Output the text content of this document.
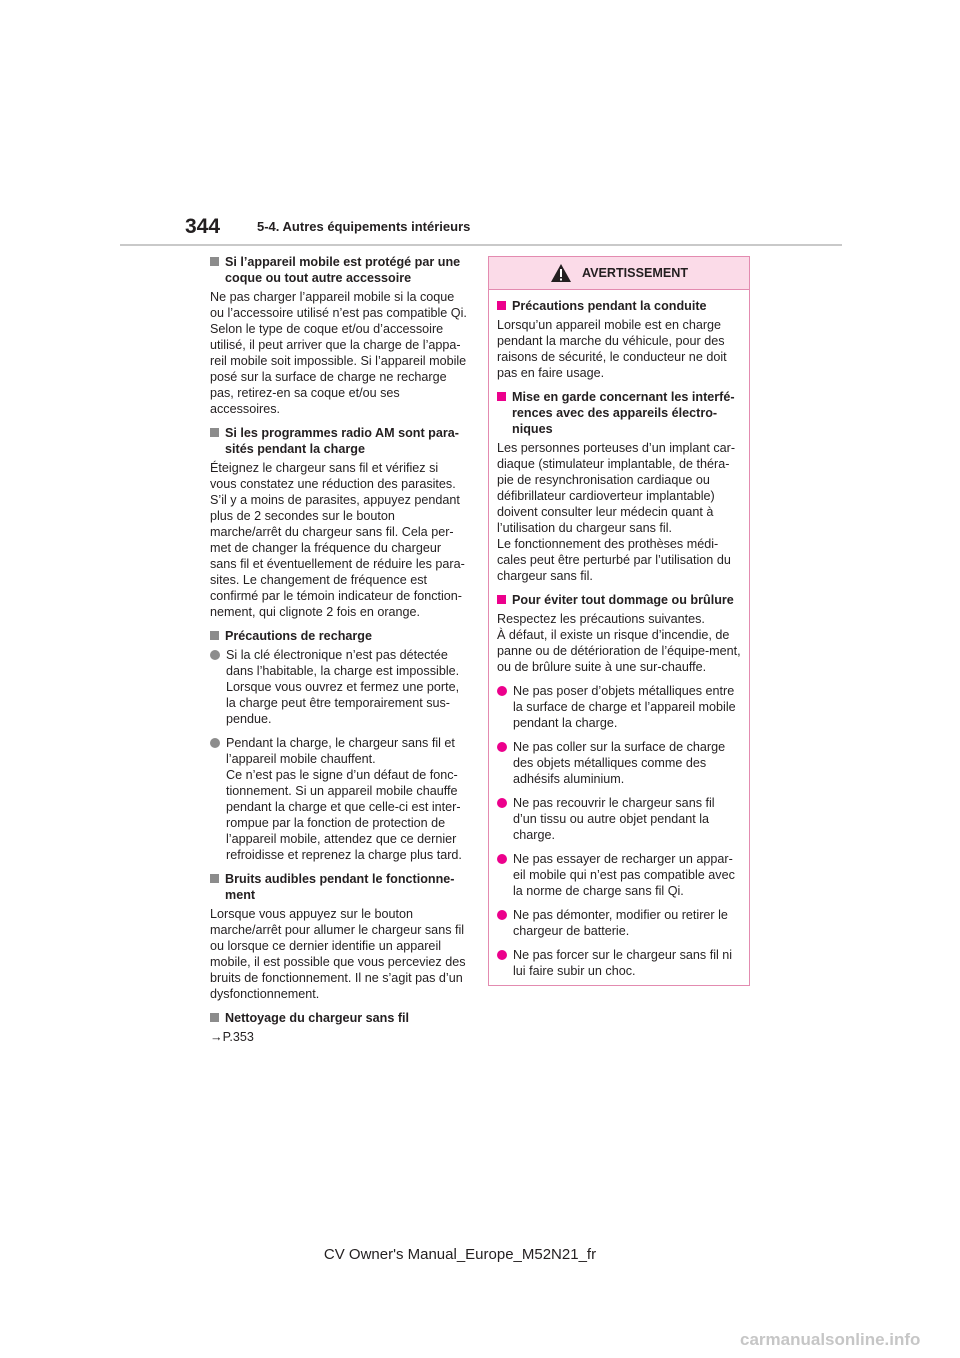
344	5-4. Autres équipements intérieurs
Si l’appareil mobile est protégé par une coque ou tout autre accessoire

Ne pas charger l’appareil mobile si la coque ou l’accessoire utilisé n’est pas compatible Qi. Selon le type de coque et/ou d’accessoire utilisé, il peut arriver que la charge de l’appa-reil mobile soit impossible. Si l’appareil mobile posé sur la surface de charge ne recharge pas, retirez-en sa coque et/ou ses accessoires.

Si les programmes radio AM sont para-sités pendant la charge

Éteignez le chargeur sans fil et vérifiez si vous constatez une réduction des parasites. S’il y a moins de parasites, appuyez pendant plus de 2 secondes sur le bouton marche/arrêt du chargeur sans fil. Cela per-met de changer la fréquence du chargeur sans fil et éventuellement de réduire les para-sites. Le changement de fréquence est confirmé par le témoin indicateur de fonction-nement, qui clignote 2 fois en orange.

Précautions de recharge
Si la clé électronique n’est pas détectée dans l’habitable, la charge est impossible. Lorsque vous ouvrez et fermez une porte, la charge peut être temporairement sus-pendue.
Pendant la charge, le chargeur sans fil et l’appareil mobile chauffent.
Ce n’est pas le signe d’un défaut de fonc-tionnement. Si un appareil mobile chauffe pendant la charge et que celle-ci est inter-rompue par la fonction de protection de l’appareil mobile, attendez que ce dernier refroidisse et reprenez la charge plus tard.
Bruits audibles pendant le fonctionne-ment

Lorsque vous appuyez sur le bouton marche/arrêt pour allumer le chargeur sans fil ou lorsque ce dernier identifie un appareil mobile, il est possible que vous perceviez des bruits de fonctionnement. Il ne s’agit pas d’un dysfonctionnement.

Nettoyage du chargeur sans fil

→P.353

AVERTISSEMENT
Précautions pendant la conduite

Lorsqu’un appareil mobile est en charge pendant la marche du véhicule, pour des raisons de sécurité, le conducteur ne doit pas en faire usage.

Mise en garde concernant les interfé-rences avec des appareils électro-niques
Les personnes porteuses d’un implant car-diaque (stimulateur implantable, de théra-pie de resynchronisation cardiaque ou défibrillateur cardioverteur implantable) doivent consulter leur médecin quant à l’utilisation du chargeur sans fil.
Le fonctionnement des prothèses médi-cales peut être perturbé par l’utilisation du chargeur sans fil.
Pour éviter tout dommage ou brûlure
Respectez les précautions suivantes.
À défaut, il existe un risque d’incendie, de panne ou de détérioration de l’équipe-ment, ou de brûlure suite à une sur-chauffe.
Ne pas poser d’objets métalliques entre la surface de charge et l’appareil mobile pendant la charge.
Ne pas coller sur la surface de charge des objets métalliques comme des adhésifs aluminium.
Ne pas recouvrir le chargeur sans fil d’un tissu ou autre objet pendant la charge.
Ne pas essayer de recharger un appar-eil mobile qui n’est pas compatible avec la norme de charge sans fil Qi.
Ne pas démonter, modifier ou retirer le chargeur de batterie.
Ne pas forcer sur le chargeur sans fil ni lui faire subir un choc.
CV Owner's Manual_Europe_M52N21_fr
carmanualsonline.info
